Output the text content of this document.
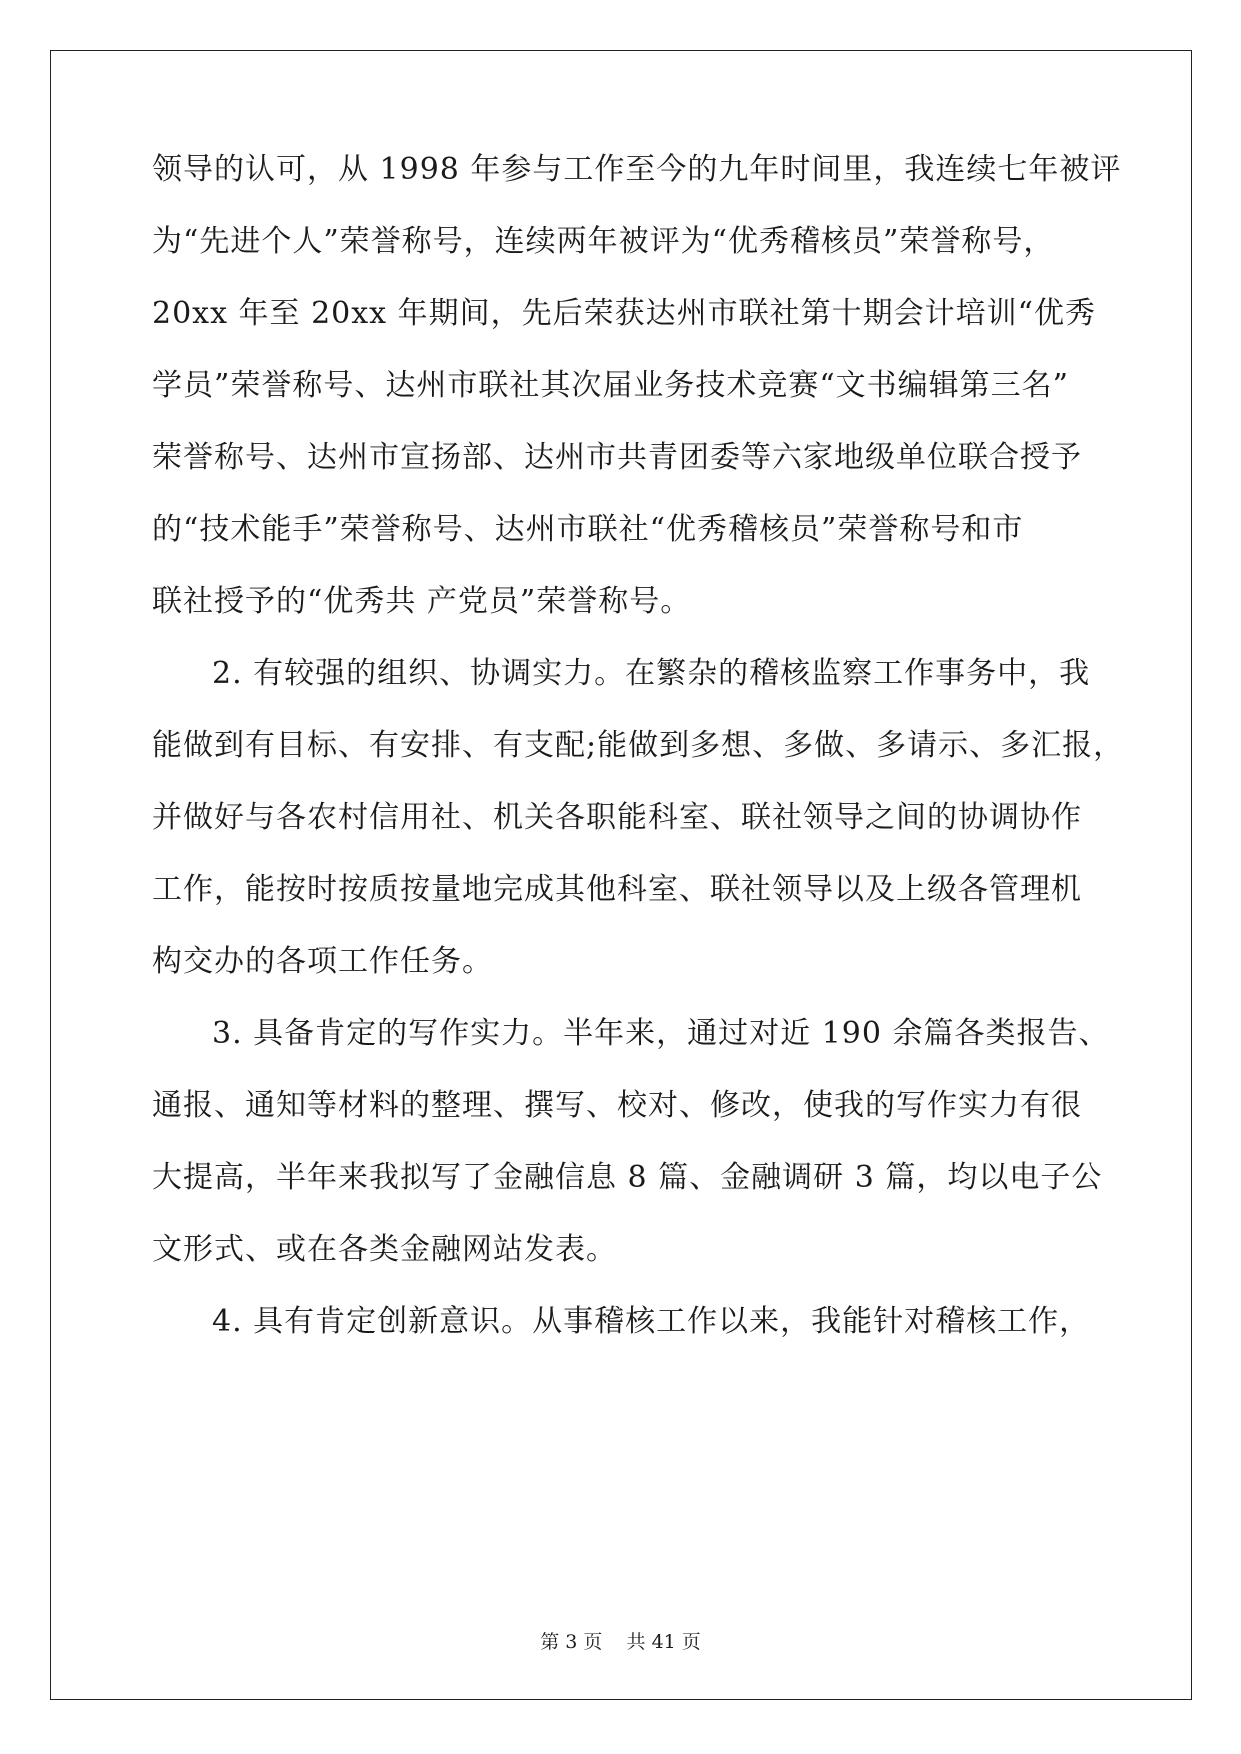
领导的认可，从 1998 年参与工作至今的九年时间里，我连续七年被评
为“先进个人”荣誉称号，连续两年被评为“优秀稽核员”荣誉称号，
20xx 年至 20xx 年期间，先后荣获达州市联社第十期会计培训“优秀
学员”荣誉称号、达州市联社其次届业务技术竞赛“文书编辑第三名”
荣誉称号、达州市宣扬部、达州市共青团委等六家地级单位联合授予
的“技术能手”荣誉称号、达州市联社“优秀稽核员”荣誉称号和市
联社授予的“优秀共 产党员”荣誉称号。
2. 有较强的组织、协调实力。在繁杂的稽核监察工作事务中，我
能做到有目标、有安排、有支配;能做到多想、多做、多请示、多汇报，
并做好与各农村信用社、机关各职能科室、联社领导之间的协调协作
工作，能按时按质按量地完成其他科室、联社领导以及上级各管理机
构交办的各项工作任务。
3. 具备肯定的写作实力。半年来，通过对近 190 余篇各类报告、
通报、通知等材料的整理、撰写、校对、修改，使我的写作实力有很
大提高，半年来我拟写了金融信息 8 篇、金融调研 3 篇，均以电子公
文形式、或在各类金融网站发表。
4. 具有肯定创新意识。从事稽核工作以来，我能针对稽核工作，
第 3 页    共 41 页
